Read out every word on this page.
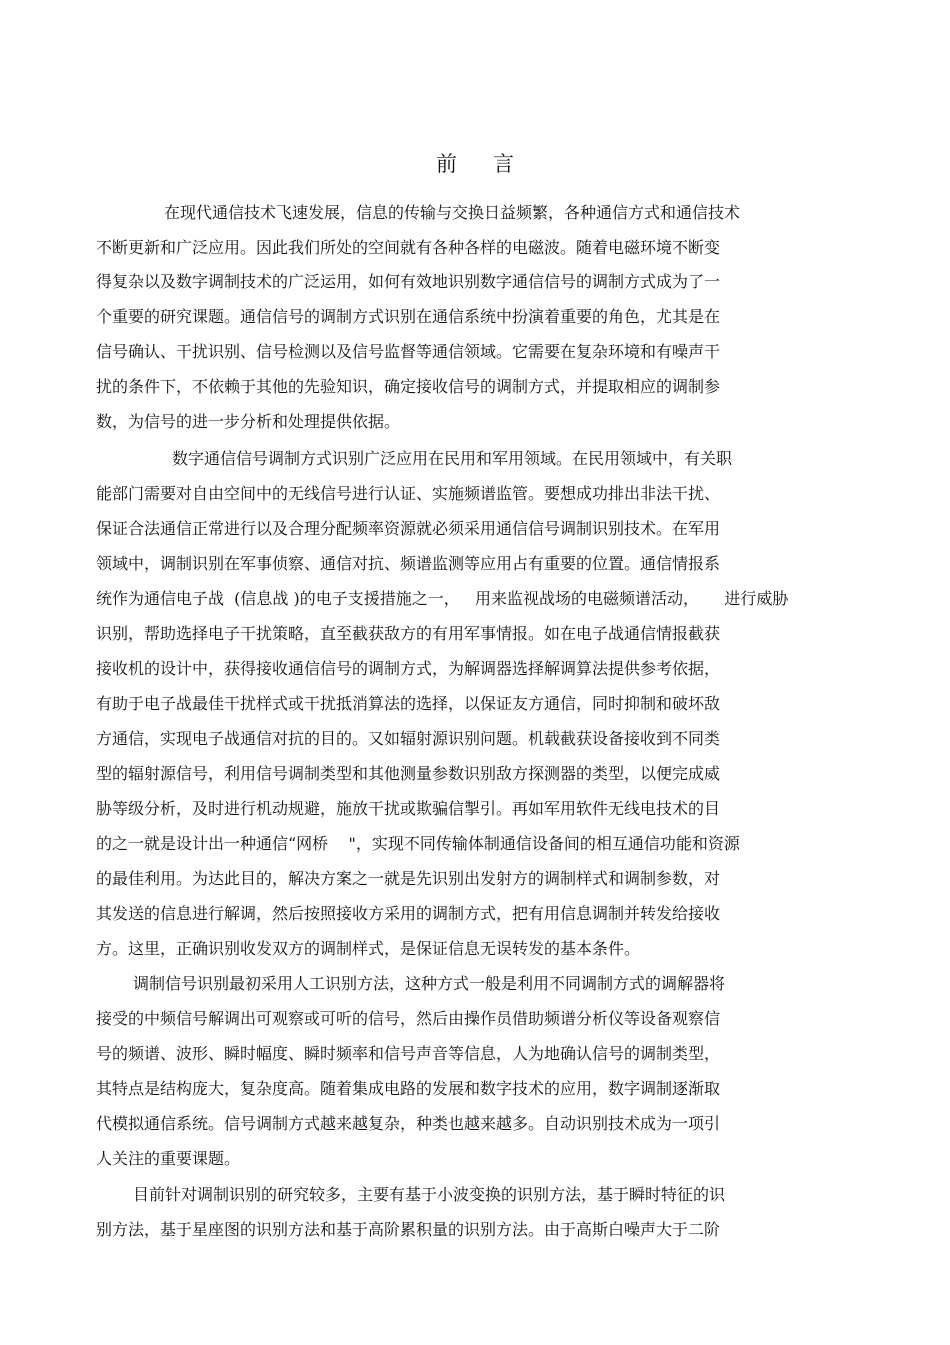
前 言
在现代通信技术飞速发展，信息的传输与交换日益频繁，各种通信方式和通信技术
不断更新和广泛应用。因此我们所处的空间就有各种各样的电磁波。随着电磁环境不断变
得复杂以及数字调制技术的广泛运用，如何有效地识别数字通信信号的调制方式成为了一
个重要的研究课题。通信信号的调制方式识别在通信系统中扮演着重要的角色，尤其是在
信号确认、干扰识别、信号检测以及信号监督等通信领域。它需要在复杂环境和有噪声干
扰的条件下，不依赖于其他的先验知识，确定接收信号的调制方式，并提取相应的调制参
数，为信号的进一步分析和处理提供依据。
数字通信信号调制方式识别广泛应用在民用和军用领域。在民用领域中，有关职
能部门需要对自由空间中的无线信号进行认证、实施频谱监管。要想成功排出非法干扰、
保证合法通信正常进行以及合理分配频率资源就必须采用通信信号调制识别技术。在军用
领域中，调制识别在军事侦察、通信对抗、频谱监测等应用占有重要的位置。通信情报系
统作为通信电子战  (信息战 )的电子支援措施之一，   用来监视战场的电磁频谱活动，     进行威胁
识别，帮助选择电子干扰策略，直至截获敌方的有用军事情报。如在电子战通信情报截获
接收机的设计中，获得接收通信信号的调制方式，为解调器选择解调算法提供参考依据，
有助于电子战最佳干扰样式或干扰抵消算法的选择，以保证友方通信，同时抑制和破坏敌
方通信，实现电子战通信对抗的目的。又如辐射源识别问题。机载截获设备接收到不同类
型的辐射源信号，利用信号调制类型和其他测量参数识别敌方探测器的类型，以便完成威
胁等级分析，及时进行机动规避，施放干扰或欺骗信掣引。再如军用软件无线电技术的目
的之一就是设计出一种通信“网桥    "，实现不同传输体制通信设备间的相互通信功能和资源
的最佳利用。为达此目的，解决方案之一就是先识别出发射方的调制样式和调制参数，对
其发送的信息进行解调，然后按照接收方采用的调制方式，把有用信息调制并转发给接收
方。这里，正确识别收发双方的调制样式，是保证信息无误转发的基本条件。
调制信号识别最初采用人工识别方法，这种方式一般是利用不同调制方式的调解器将
接受的中频信号解调出可观察或可听的信号，然后由操作员借助频谱分析仪等设备观察信
号的频谱、波形、瞬时幅度、瞬时频率和信号声音等信息，人为地确认信号的调制类型，
其特点是结构庞大，复杂度高。随着集成电路的发展和数字技术的应用，数字调制逐渐取
代模拟通信系统。信号调制方式越来越复杂，种类也越来越多。自动识别技术成为一项引
人关注的重要课题。
目前针对调制识别的研究较多，主要有基于小波变换的识别方法，基于瞬时特征的识
别方法，基于星座图的识别方法和基于高阶累积量的识别方法。由于高斯白噪声大于二阶
